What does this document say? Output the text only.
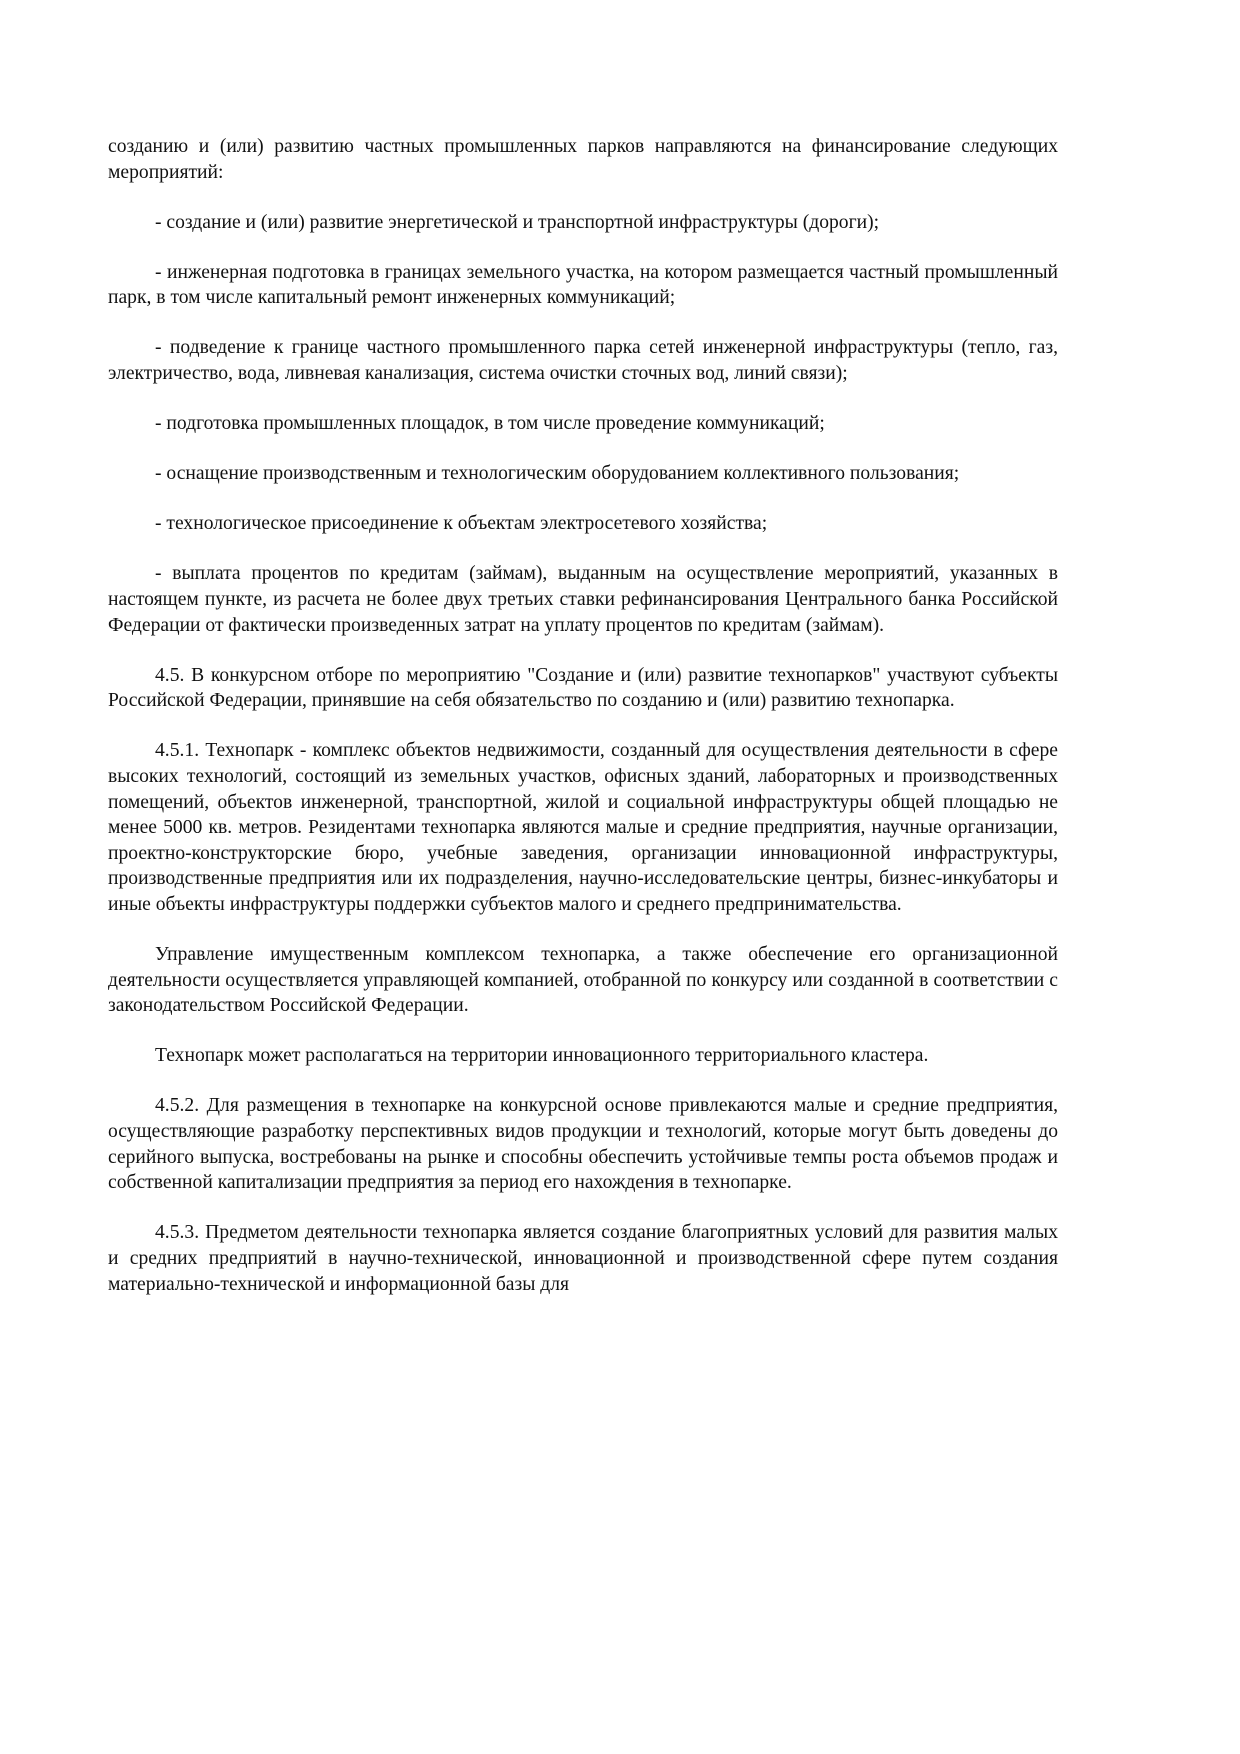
созданию и (или) развитию частных промышленных парков направляются на финансирование следующих мероприятий:

- создание и (или) развитие энергетической и транспортной инфраструктуры (дороги);

- инженерная подготовка в границах земельного участка, на котором размещается частный промышленный парк, в том числе капитальный ремонт инженерных коммуникаций;

- подведение к границе частного промышленного парка сетей инженерной инфраструктуры (тепло, газ, электричество, вода, ливневая канализация, система очистки сточных вод, линий связи);

- подготовка промышленных площадок, в том числе проведение коммуникаций;

- оснащение производственным и технологическим оборудованием коллективного пользования;

- технологическое присоединение к объектам электросетевого хозяйства;

- выплата процентов по кредитам (займам), выданным на осуществление мероприятий, указанных в настоящем пункте, из расчета не более двух третьих ставки рефинансирования Центрального банка Российской Федерации от фактически произведенных затрат на уплату процентов по кредитам (займам).

4.5. В конкурсном отборе по мероприятию "Создание и (или) развитие технопарков" участвуют субъекты Российской Федерации, принявшие на себя обязательство по созданию и (или) развитию технопарка.

4.5.1. Технопарк - комплекс объектов недвижимости, созданный для осуществления деятельности в сфере высоких технологий, состоящий из земельных участков, офисных зданий, лабораторных и производственных помещений, объектов инженерной, транспортной, жилой и социальной инфраструктуры общей площадью не менее 5000 кв. метров. Резидентами технопарка являются малые и средние предприятия, научные организации, проектно-конструкторские бюро, учебные заведения, организации инновационной инфраструктуры, производственные предприятия или их подразделения, научно-исследовательские центры, бизнес-инкубаторы и иные объекты инфраструктуры поддержки субъектов малого и среднего предпринимательства.

Управление имущественным комплексом технопарка, а также обеспечение его организационной деятельности осуществляется управляющей компанией, отобранной по конкурсу или созданной в соответствии с законодательством Российской Федерации.

Технопарк может располагаться на территории инновационного территориального кластера.

4.5.2. Для размещения в технопарке на конкурсной основе привлекаются малые и средние предприятия, осуществляющие разработку перспективных видов продукции и технологий, которые могут быть доведены до серийного выпуска, востребованы на рынке и способны обеспечить устойчивые темпы роста объемов продаж и собственной капитализации предприятия за период его нахождения в технопарке.

4.5.3. Предметом деятельности технопарка является создание благоприятных условий для развития малых и средних предприятий в научно-технической, инновационной и производственной сфере путем создания материально-технической и информационной базы для
